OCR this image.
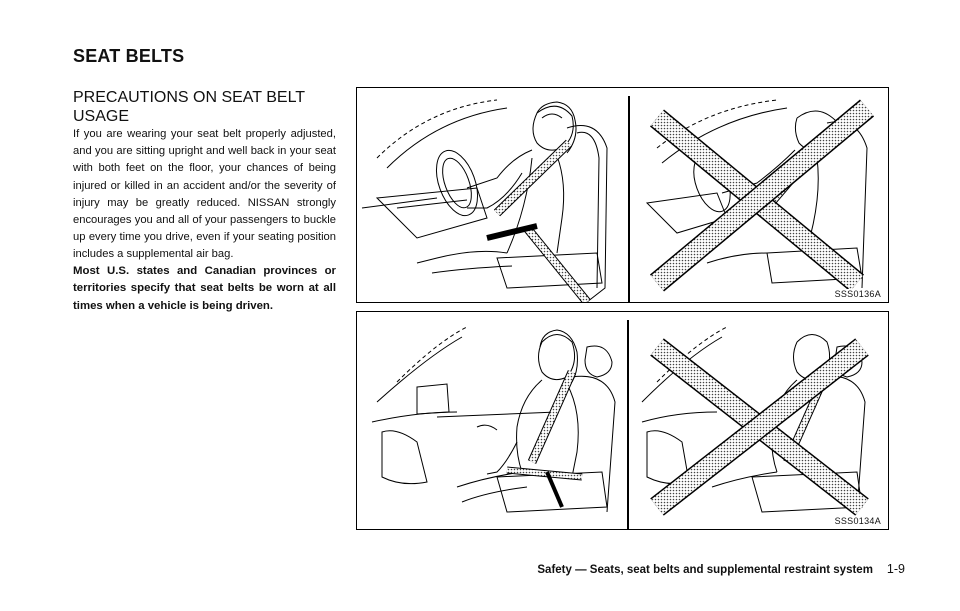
SEAT BELTS
PRECAUTIONS ON SEAT BELT USAGE

If you are wearing your seat belt properly adjusted, and you are sitting upright and well back in your seat with both feet on the floor, your chances of being injured or killed in an accident and/or the severity of injury may be greatly reduced. NISSAN strongly encourages you and all of your passengers to buckle up every time you drive, even if your seating position includes a supplemental air bag.

Most U.S. states and Canadian provinces or territories specify that seat belts be worn at all times when a vehicle is being driven.

SSS0136A
SSS0134A
Safety — Seats, seat belts and supplemental restraint system 1-9
